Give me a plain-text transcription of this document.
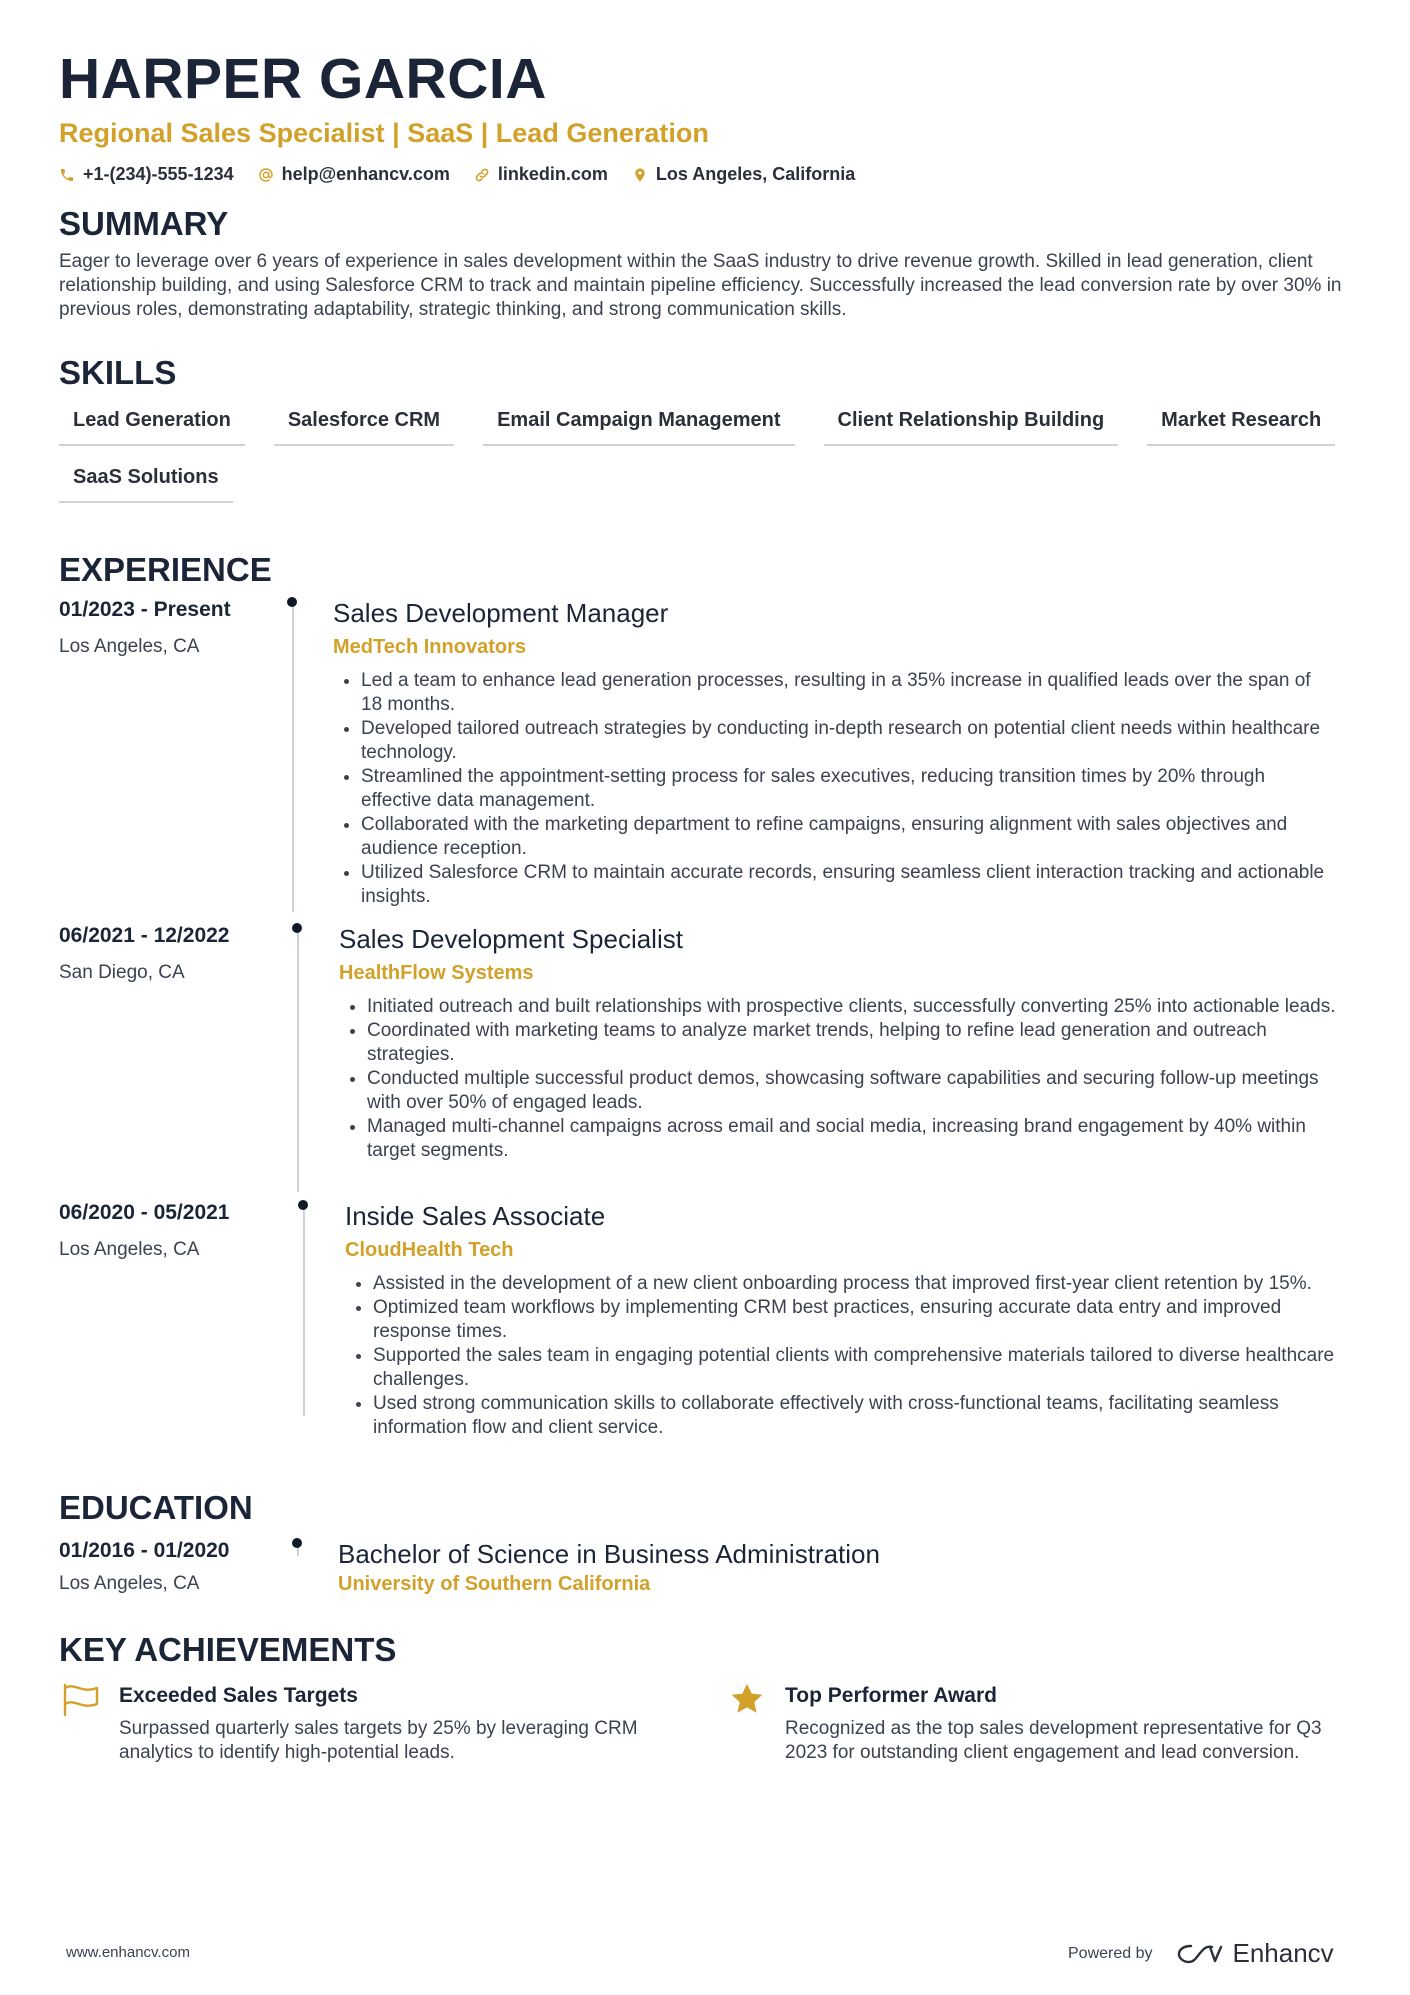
HARPER GARCIA
Regional Sales Specialist | SaaS | Lead Generation
+1-(234)-555-1234	help@enhancv.com	linkedin.com	Los Angeles, California
SUMMARY
Eager to leverage over 6 years of experience in sales development within the SaaS industry to drive revenue growth. Skilled in lead generation, client relationship building, and using Salesforce CRM to track and maintain pipeline efficiency. Successfully increased the lead conversion rate by over 30% in previous roles, demonstrating adaptability, strategic thinking, and strong communication skills.
SKILLS
Lead Generation	Salesforce CRM	Email Campaign Management	Client Relationship Building	Market Research
SaaS Solutions
EXPERIENCE
01/2023 - Present
Los Angeles, CA
Sales Development Manager
MedTech Innovators
• Led a team to enhance lead generation processes, resulting in a 35% increase in qualified leads over the span of 18 months.
• Developed tailored outreach strategies by conducting in-depth research on potential client needs within healthcare technology.
• Streamlined the appointment-setting process for sales executives, reducing transition times by 20% through effective data management.
• Collaborated with the marketing department to refine campaigns, ensuring alignment with sales objectives and audience reception.
• Utilized Salesforce CRM to maintain accurate records, ensuring seamless client interaction tracking and actionable insights.
06/2021 - 12/2022
San Diego, CA
Sales Development Specialist
HealthFlow Systems
• Initiated outreach and built relationships with prospective clients, successfully converting 25% into actionable leads.
• Coordinated with marketing teams to analyze market trends, helping to refine lead generation and outreach strategies.
• Conducted multiple successful product demos, showcasing software capabilities and securing follow-up meetings with over 50% of engaged leads.
• Managed multi-channel campaigns across email and social media, increasing brand engagement by 40% within target segments.
06/2020 - 05/2021
Los Angeles, CA
Inside Sales Associate
CloudHealth Tech
• Assisted in the development of a new client onboarding process that improved first-year client retention by 15%.
• Optimized team workflows by implementing CRM best practices, ensuring accurate data entry and improved response times.
• Supported the sales team in engaging potential clients with comprehensive materials tailored to diverse healthcare challenges.
• Used strong communication skills to collaborate effectively with cross-functional teams, facilitating seamless information flow and client service.
EDUCATION
01/2016 - 01/2020
Los Angeles, CA
Bachelor of Science in Business Administration
University of Southern California
KEY ACHIEVEMENTS
Exceeded Sales Targets
Surpassed quarterly sales targets by 25% by leveraging CRM analytics to identify high-potential leads.
Top Performer Award
Recognized as the top sales development representative for Q3 2023 for outstanding client engagement and lead conversion.
www.enhancv.com	Powered by	Enhancv
